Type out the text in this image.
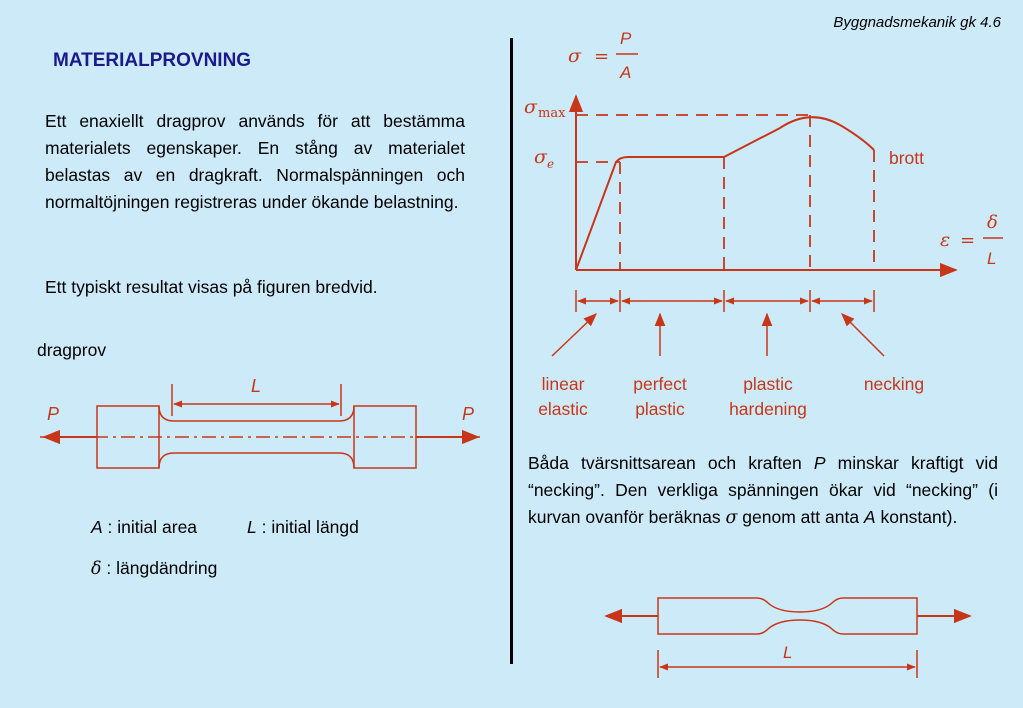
Byggnadsmekanik gk 4.6
MATERIALPROVNING
Ett enaxiellt dragprov används för att bestämma materialets egenskaper. En stång av materialet belastas av en dragkraft. Normalspänningen och normaltöjningen registreras under ökande belastning.
Ett typiskt resultat visas på figuren bredvid.
dragprov
P	P
L
σ =
P
A
σ max
σ e
ε =
δ
L
L
brott
linear
elastic
perfect
plastic
plastic
hardening
necking
A : initial area	L : initial längd
δ : längdändring
Båda tvärsnittsarean och kraften P minskar kraftigt vid “necking”. Den verkliga spänningen ökar vid “necking” (i kurvan ovanför beräknas σ genom att anta A konstant).
